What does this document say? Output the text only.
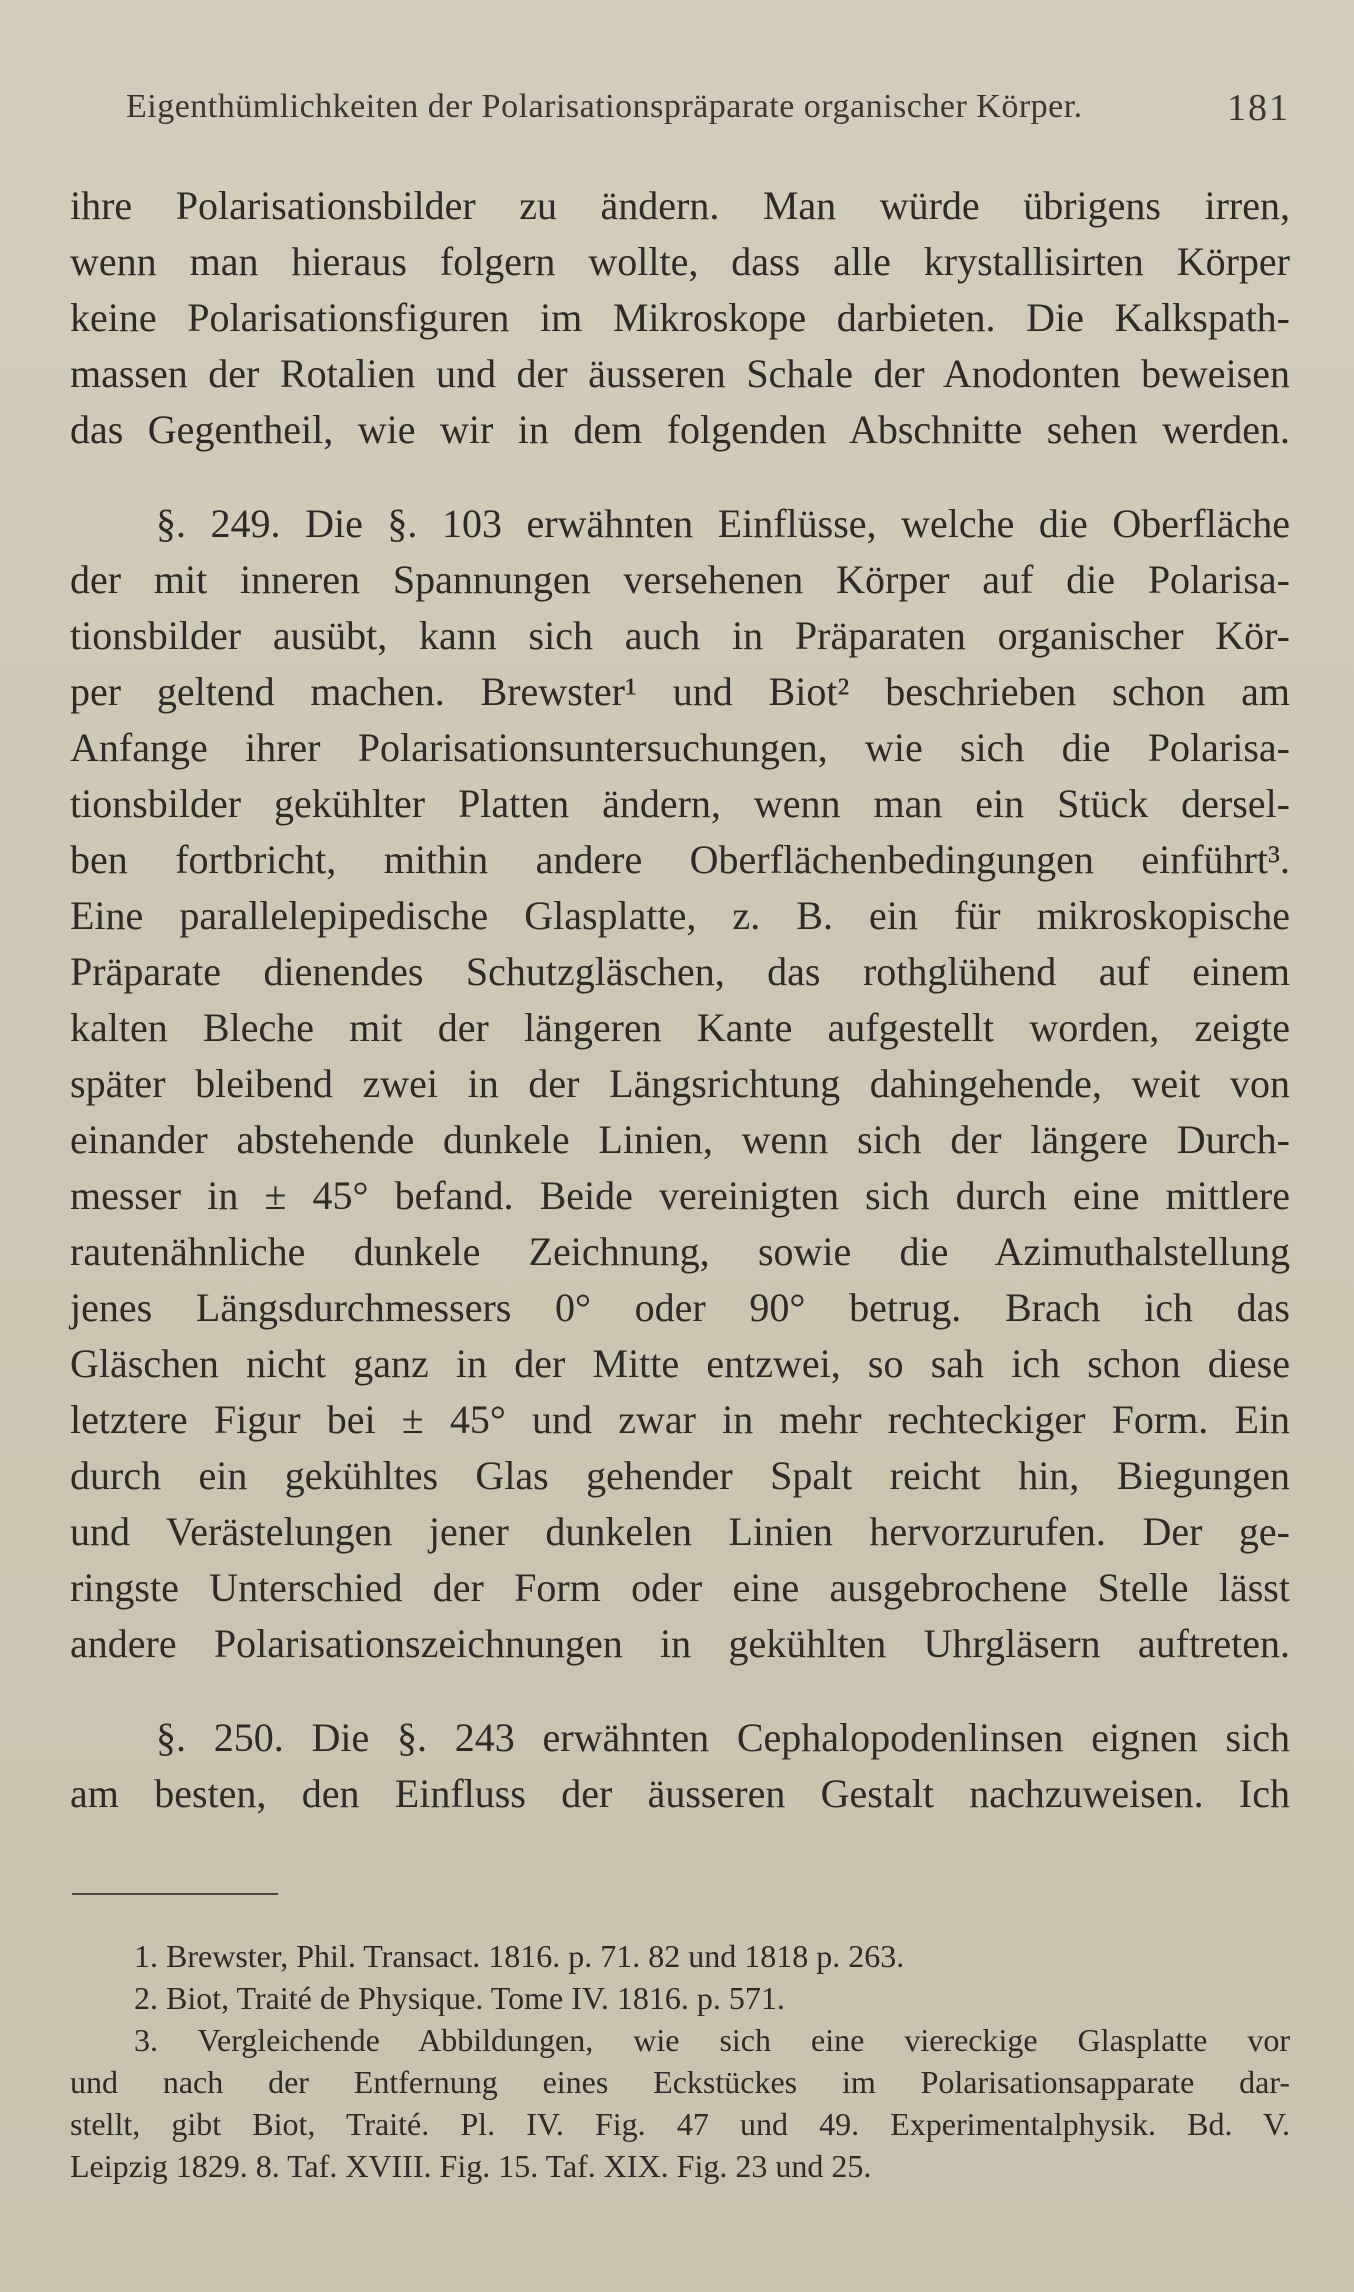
Eigenthümlichkeiten der Polarisationspräparate organischer Körper.	181
ihre Polarisationsbilder zu ändern. Man würde übrigens irren,
wenn man hieraus folgern wollte, dass alle krystallisirten Körper
keine Polarisationsfiguren im Mikroskope darbieten. Die Kalkspath-
massen der Rotalien und der äusseren Schale der Anodonten beweisen
das Gegentheil, wie wir in dem folgenden Abschnitte sehen werden.
§. 249. Die §. 103 erwähnten Einflüsse, welche die Oberfläche
der mit inneren Spannungen versehenen Körper auf die Polarisa-
tionsbilder ausübt, kann sich auch in Präparaten organischer Kör-
per geltend machen. Brewster¹ und Biot² beschrieben schon am
Anfange ihrer Polarisationsuntersuchungen, wie sich die Polarisa-
tionsbilder gekühlter Platten ändern, wenn man ein Stück dersel-
ben fortbricht, mithin andere Oberflächenbedingungen einführt³.
Eine parallelepipedische Glasplatte, z. B. ein für mikroskopische
Präparate dienendes Schutzgläschen, das rothglühend auf einem
kalten Bleche mit der längeren Kante aufgestellt worden, zeigte
später bleibend zwei in der Längsrichtung dahingehende, weit von
einander abstehende dunkele Linien, wenn sich der längere Durch-
messer in ± 45° befand. Beide vereinigten sich durch eine mittlere
rautenähnliche dunkele Zeichnung, sowie die Azimuthalstellung
jenes Längsdurchmessers 0° oder 90° betrug. Brach ich das
Gläschen nicht ganz in der Mitte entzwei, so sah ich schon diese
letztere Figur bei ± 45° und zwar in mehr rechteckiger Form. Ein
durch ein gekühltes Glas gehender Spalt reicht hin, Biegungen
und Verästelungen jener dunkelen Linien hervorzurufen. Der ge-
ringste Unterschied der Form oder eine ausgebrochene Stelle lässt
andere Polarisationszeichnungen in gekühlten Uhrgläsern auftreten.
§. 250. Die §. 243 erwähnten Cephalopodenlinsen eignen sich
am besten, den Einfluss der äusseren Gestalt nachzuweisen. Ich
1. Brewster, Phil. Transact. 1816. p. 71. 82 und 1818 p. 263.
2. Biot, Traité de Physique. Tome IV. 1816. p. 571.
3. Vergleichende Abbildungen, wie sich eine viereckige Glasplatte vor
und nach der Entfernung eines Eckstückes im Polarisationsapparate dar-
stellt, gibt Biot, Traité. Pl. IV. Fig. 47 und 49. Experimentalphysik. Bd. V.
Leipzig 1829. 8. Taf. XVIII. Fig. 15. Taf. XIX. Fig. 23 und 25.
